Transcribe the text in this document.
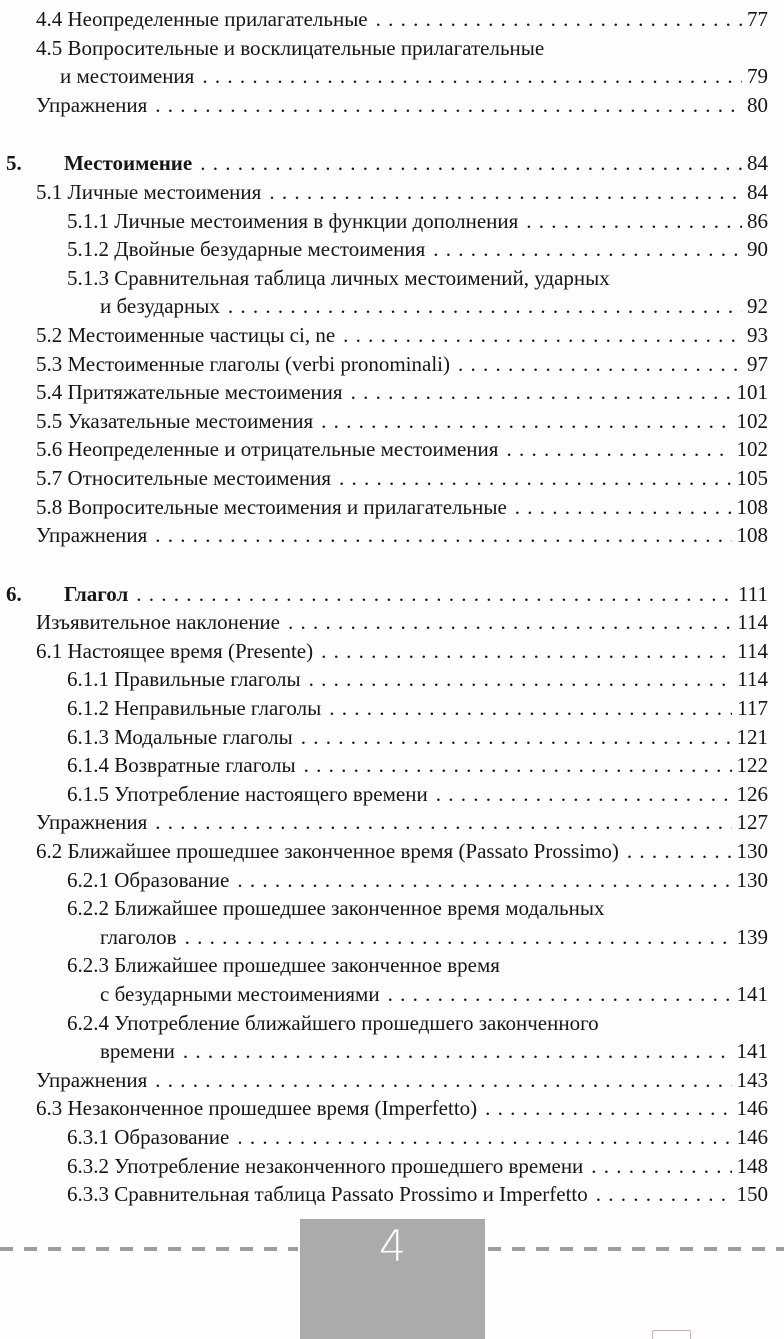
4.4 Неопределенные прилагательные . . .	77
4.5 Вопросительные и восклицательные прилагательные
и местоимения . . .	79
Упражнения . . .	80
5.	Местоимение . . .	84
5.1 Личные местоимения . . .	84
5.1.1 Личные местоимения в функции дополнения . . .	86
5.1.2 Двойные безударные местоимения . . .	90
5.1.3 Сравнительная таблица личных местоимений, ударных
и безударных . . .	92
5.2 Местоименные частицы ci, ne . . .	93
5.3 Местоименные глаголы (verbi pronominali) . . .	97
5.4 Притяжательные местоимения . . .	101
5.5 Указательные местоимения . . .	102
5.6 Неопределенные и отрицательные местоимения . . .	102
5.7 Относительные местоимения . . .	105
5.8 Вопросительные местоимения и прилагательные . . .	108
Упражнения . . .	108
6.	Глагол . . .	111
Изъявительное наклонение . . .	114
6.1 Настоящее время (Presente) . . .	114
6.1.1 Правильные глаголы . . .	114
6.1.2 Неправильные глаголы . . .	117
6.1.3 Модальные глаголы . . .	121
6.1.4 Возвратные глаголы . . .	122
6.1.5 Употребление настоящего времени . . .	126
Упражнения . . .	127
6.2 Ближайшее прошедшее законченное время (Passato Prossimo) . . .	130
6.2.1 Образование . . .	130
6.2.2 Ближайшее прошедшее законченное время модальных
глаголов . . .	139
6.2.3 Ближайшее прошедшее законченное время
с безударными местоимениями . . .	141
6.2.4 Употребление ближайшего прошедшего законченного
времени . . .	141
Упражнения . . .	143
6.3 Незаконченное прошедшее время (Imperfetto) . . .	146
6.3.1 Образование . . .	146
6.3.2 Употребление незаконченного прошедшего времени . . .	148
6.3.3 Сравнительная таблица Passato Prossimo и Imperfetto . . .	150
4
